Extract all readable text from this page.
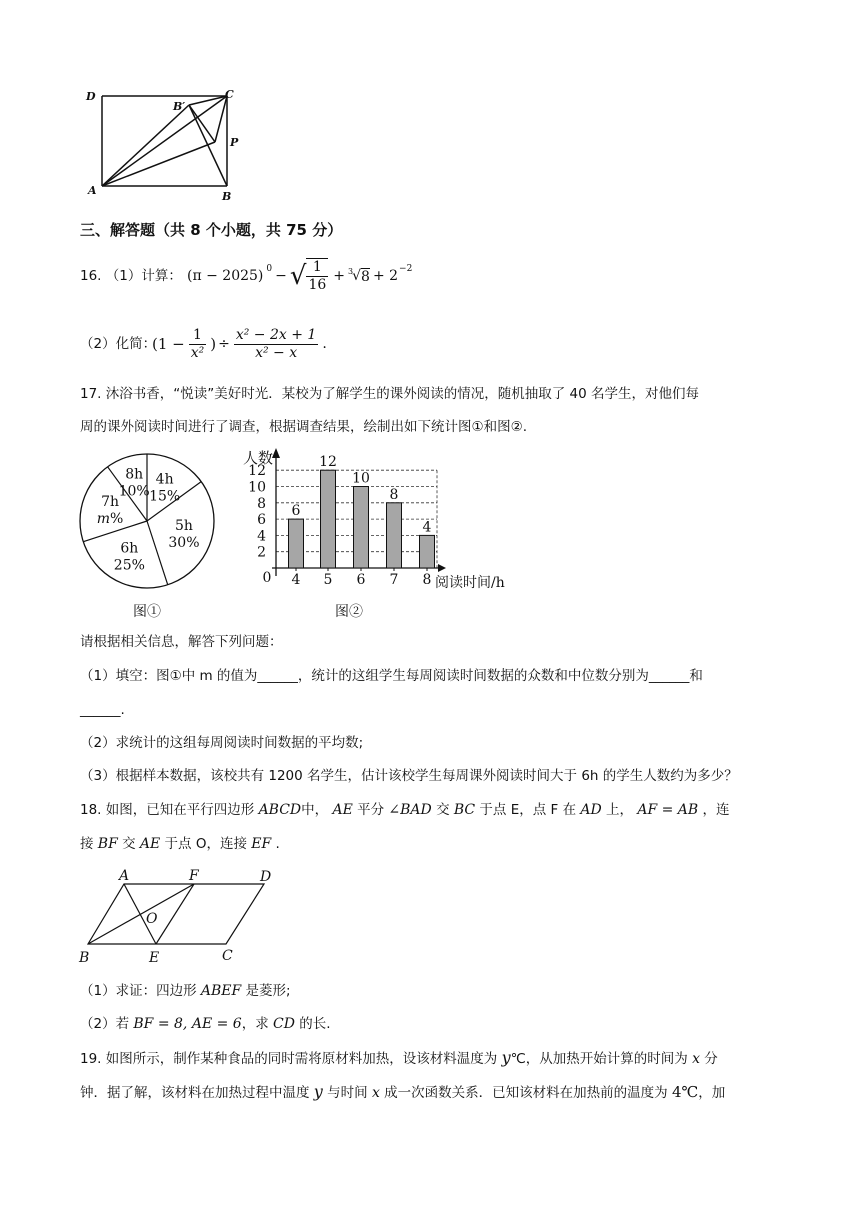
D	C
B′
P
A	B
三、解答题（共 8 个小题，共 75 分）
16. （1）计算： (π − 2025) $^0$ − √ $\frac{1}{16} + ^3$ √ $8 + 2^{-2}$
（2）化简：
($1 - \frac{1}{\text{x²}}$ ) ÷ $\frac{\text{x² − 2x + 1}}{\text{x² − x}}$ .
17. 沐浴书香，“悦读”美好时光．某校为了解学生的课外阅读的情况，随机抽取了 40 名学生，对他们每
周的课外阅读时间进行了调查，根据调查结果，绘制出如下统计图①和图②.
4h
15%
5h
30%
6h
25%
7h
m%
8h
10%
图①
0
2
4
6
8
10
12
6
4
12
5
10
6
8
7
4
8
人数
阅读时间/h
图②
请根据相关信息，解答下列问题：
（1）填空：图①中 m 的值为______，统计的这组学生每周阅读时间数据的众数和中位数分别为______和
______.
（2）求统计的这组每周阅读时间数据的平均数;
（3）根据样本数据，该校共有 1200 名学生，估计该校学生每周课外阅读时间大于 6h 的学生人数约为多少？
18. 如图，已知在平行四边形 ABCD中， AE 平分 ∠BAD 交 BC 于点 E，点 F 在 AD 上， AF = AB ，连
接 BF 交 AE 于点 O，连接 EF .
A	F	D
O
B	E	C
（1）求证：四边形 ABEF 是菱形;
（2）若 BF = 8, AE = 6，求 CD 的长.
19. 如图所示，制作某种食品的同时需将原材料加热，设该材料温度为 y℃，从加热开始计算的时间为 x 分
钟．据了解，该材料在加热过程中温度 y 与时间 x 成一次函数关系．已知该材料在加热前的温度为 4℃，加
